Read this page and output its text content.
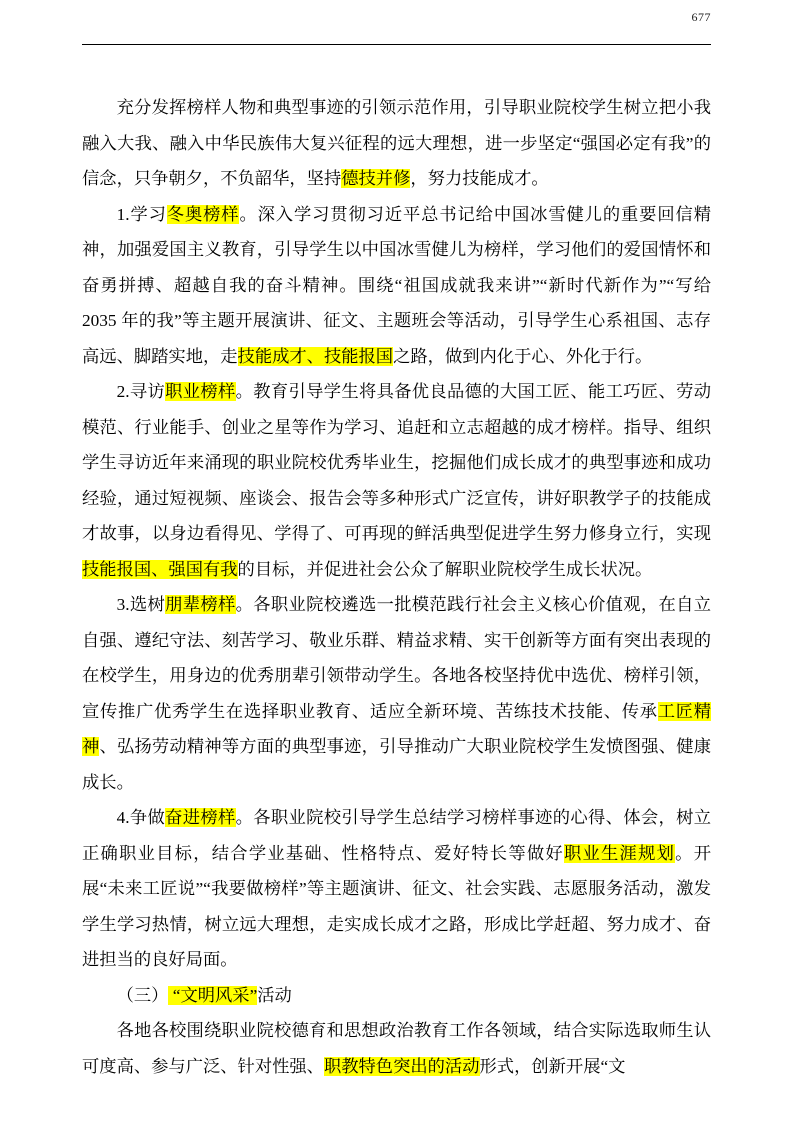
677

充分发挥榜样人物和典型事迹的引领示范作用，引导职业院校学生树立把小我融入大我、融入中华民族伟大复兴征程的远大理想，进一步坚定“强国必定有我”的信念，只争朝夕，不负韶华，坚持德技并修，努力技能成才。

1.学习冬奥榜样。深入学习贯彻习近平总书记给中国冰雪健儿的重要回信精神，加强爱国主义教育，引导学生以中国冰雪健儿为榜样，学习他们的爱国情怀和奋勇拼搏、超越自我的奋斗精神。围绕“祖国成就我来讲”“新时代新作为”“写给 2035 年的我”等主题开展演讲、征文、主题班会等活动，引导学生心系祖国、志存高远、脚踏实地，走技能成才、技能报国之路，做到内化于心、外化于行。

2.寻访职业榜样。教育引导学生将具备优良品德的大国工匠、能工巧匠、劳动模范、行业能手、创业之星等作为学习、追赶和立志超越的成才榜样。指导、组织学生寻访近年来涌现的职业院校优秀毕业生，挖掘他们成长成才的典型事迹和成功经验，通过短视频、座谈会、报告会等多种形式广泛宣传，讲好职教学子的技能成才故事，以身边看得见、学得了、可再现的鲜活典型促进学生努力修身立行，实现技能报国、强国有我的目标，并促进社会公众了解职业院校学生成长状况。

3.选树朋辈榜样。各职业院校遴选一批模范践行社会主义核心价值观，在自立自强、遵纪守法、刻苦学习、敬业乐群、精益求精、实干创新等方面有突出表现的在校学生，用身边的优秀朋辈引领带动学生。各地各校坚持优中选优、榜样引领，宣传推广优秀学生在选择职业教育、适应全新环境、苦练技术技能、传承工匠精神、弘扬劳动精神等方面的典型事迹，引导推动广大职业院校学生发愤图强、健康成长。

4.争做奋进榜样。各职业院校引导学生总结学习榜样事迹的心得、体会，树立正确职业目标，结合学业基础、性格特点、爱好特长等做好职业生涯规划。开展“未来工匠说”“我要做榜样”等主题演讲、征文、社会实践、志愿服务活动，激发学生学习热情，树立远大理想，走实成长成才之路，形成比学赶超、努力成才、奋进担当的良好局面。

（三） “文明风采”活动

各地各校围绕职业院校德育和思想政治教育工作各领域，结合实际选取师生认可度高、参与广泛、针对性强、职教特色突出的活动形式，创新开展“文
